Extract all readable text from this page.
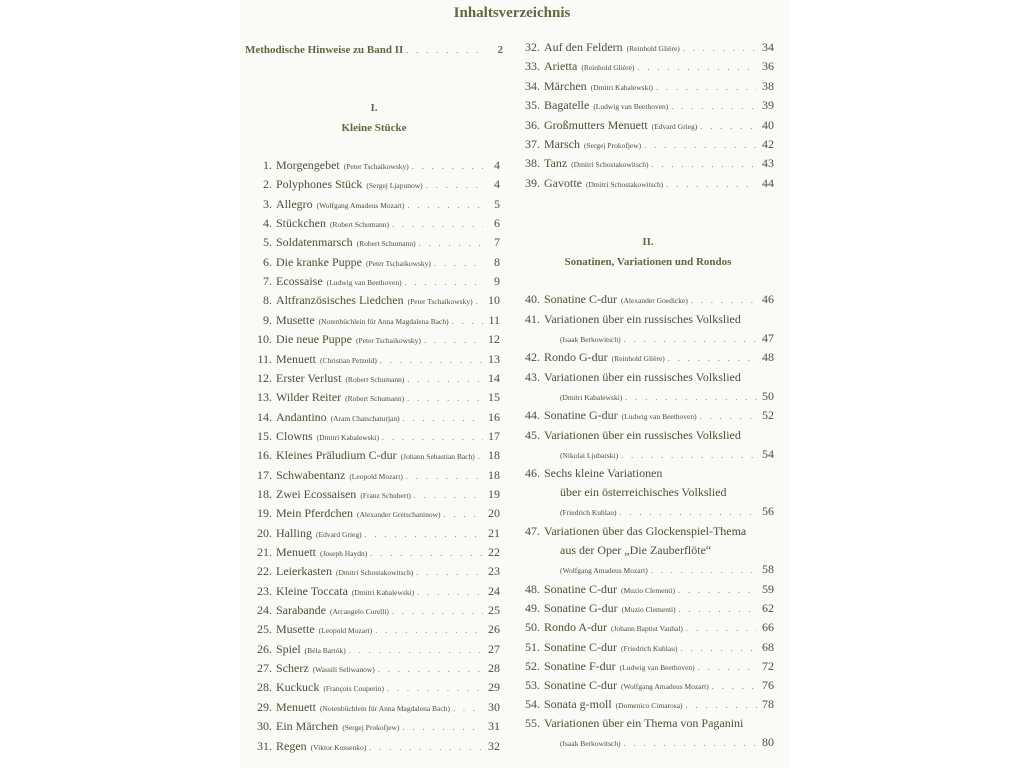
Inhaltsverzeichnis
Methodische Hinweise zu Band II . . .	2
I.
Kleine Stücke
II.
Sonatinen, Variationen und Rondos
1. Morgengebet (Peter Tschaikowsky) . . .	4
2. Polyphones Stück (Sergej Ljapunow) . . .	4
3. Allegro (Wolfgang Amadeus Mozart) . . .	5
4. Stückchen (Robert Schumann) . . .	6
5. Soldatenmarsch (Robert Schumann) . . .	7
6. Die kranke Puppe (Peter Tschaikowsky) . . .	8
7. Ecossaise (Ludwig van Beethoven) . . .	9
8. Altfranzösisches Liedchen (Peter Tschaikowsky) . . . 10
9. Musette (Notenbüchlein für Anna Magdalena Bach) . . .	11
10. Die neue Puppe (Peter Tschaikowsky) . . .	12
11. Menuett (Christian Petzold) . . .	13
12. Erster Verlust (Robert Schumann) . . .	14
13. Wilder Reiter (Robert Schumann) . . .	15
14. Andantino (Aram Chatschaturjan) . . .	16
15. Clowns (Dmitri Kabalewski) . . .	17
16. Kleines Präludium C-dur (Johann Sebastian Bach) . . . 18
17. Schwabentanz (Leopold Mozart) . . .	18
18. Zwei Ecossaisen (Franz Schubert) . . .	19
19. Mein Pferdchen (Alexander Gretschaninow) . . .	20
20. Halling (Edvard Grieg) . . .	21
21. Menuett (Joseph Haydn) . . .	22
22. Leierkasten (Dmitri Schostakowitsch) . . .	23
23. Kleine Toccata (Dmitri Kabalewski) . . .	24
24. Sarabande (Arcangelo Corelli) . . .	25
25. Musette (Leopold Mozart) . . .	26
26. Spiel (Béla Bartók) . . .	27
27. Scherz (Wassili Seliwanow) . . .	28
28. Kuckuck (François Couperin) . . .	29
29. Menuett (Notenbüchlein für Anna Magdalena Bach) . . .	30
30. Ein Märchen (Sergej Prokofjew) . . .	31
31. Regen (Viktor Kossenko) . . .	32
32. Auf den Feldern (Reinhold Glière) . . .	34
33. Arietta (Reinhold Glière) . . .	36
34. Märchen (Dmitri Kabalewski) . . .	38
35. Bagatelle (Ludwig van Beethoven) . . .	39
36. Großmutters Menuett (Edvard Grieg) . . .	40
37. Marsch (Sergej Prokofjew) . . .	42
38. Tanz (Dmitri Schostakowitsch) . . .	43
39. Gavotte (Dmitri Schostakowitsch) . . .	44
40. Sonatine C-dur (Alexander Goedicke) . . .	46
41. Variationen über ein russisches Volkslied
(Isaak Berkowitsch) . . .	47
42. Rondo G-dur (Reinhold Glière) . . .	48
43. Variationen über ein russisches Volkslied
(Dmitri Kabalewski) . . .	50
44. Sonatine G-dur (Ludwig van Beethoven) . . .	52
45. Variationen über ein russisches Volkslied
(Nikolai Ljubarski) . . .	54
46. Sechs kleine Variationen
über ein österreichisches Volkslied
(Friedrich Kuhlau) . . .	56
47. Variationen über das Glockenspiel-Thema
aus der Oper „Die Zauberflöte“
(Wolfgang Amadeus Mozart) . . .	58
48. Sonatine C-dur (Muzio Clementi) . . .	59
49. Sonatine G-dur (Muzio Clementi) . . .	62
50. Rondo A-dur (Johann Baptist Vanhal) . . .	66
51. Sonatine C-dur (Friedrich Kuhlau) . . .	68
52. Sonatine F-dur (Ludwig van Beethoven) . . .	72
53. Sonatine C-dur (Wolfgang Amadeus Mozart) . . .	76
54. Sonata g-moll (Domenico Cimarosa) . . .	78
55. Variationen über ein Thema von Paganini
(Isaak Berkowitsch) . . .	80
